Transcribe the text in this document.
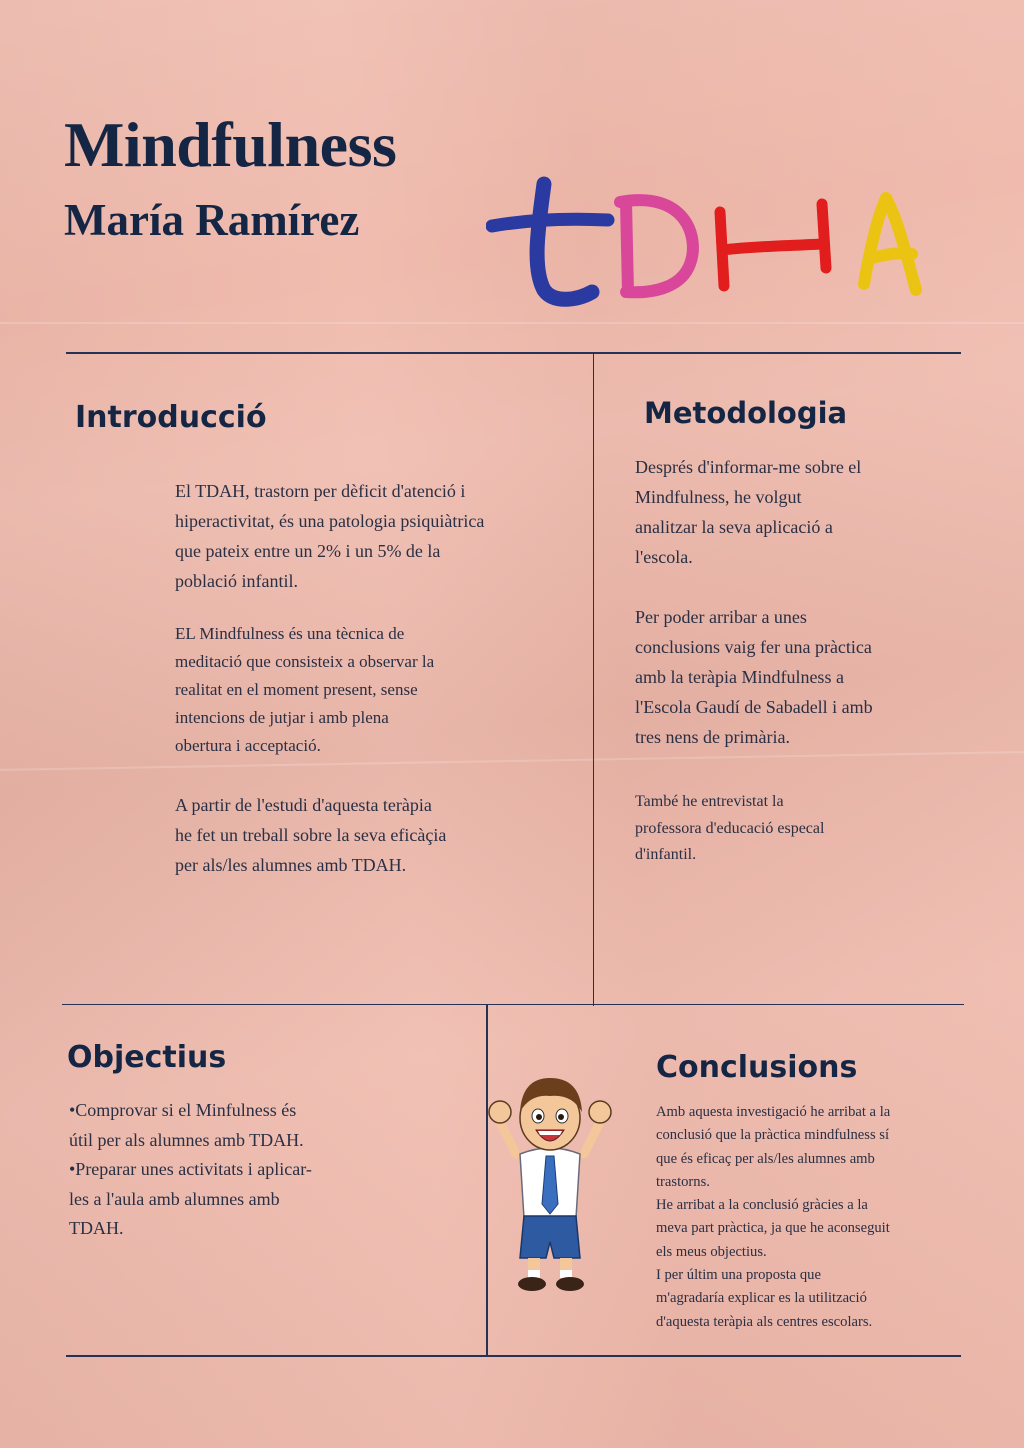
Mindfulness
María Ramírez
Introducció

El TDAH, trastorn per dèficit d'atenció i
hiperactivitat, és una patologia psiquiàtrica
que pateix entre un 2% i un 5% de la
població infantil.

EL Mindfulness és una tècnica de
meditació que consisteix a observar la
realitat en el moment present, sense
intencions de jutjar i amb plena
obertura i acceptació.
A partir de l'estudi d'aquesta teràpia
he fet un treball sobre la seva eficàçia
per als/les alumnes amb TDAH.
Metodologia
Després d'informar-me sobre el
Mindfulness, he volgut
analitzar la seva aplicació a
l'escola.
Per poder arribar a unes
conclusions vaig fer una pràctica
amb la teràpia Mindfulness a
l'Escola Gaudí de Sabadell i amb
tres nens de primària.
També he entrevistat la
professora d'educació especal
d'infantil.
Objectius
•Comprovar si el Minfulness és
útil per als alumnes amb TDAH.
•Preparar unes activitats i aplicar-
les a l'aula amb alumnes amb
TDAH.
Conclusions
Amb aquesta investigació he arribat a la
conclusió que la pràctica mindfulness sí
que és eficaç per als/les alumnes amb
trastorns.
He arribat a la conclusió gràcies a la
meva part pràctica, ja que he aconseguit
els meus objectius.
I per últim una proposta que
m'agradaría explicar es la utilització
d'aquesta teràpia als centres escolars.
